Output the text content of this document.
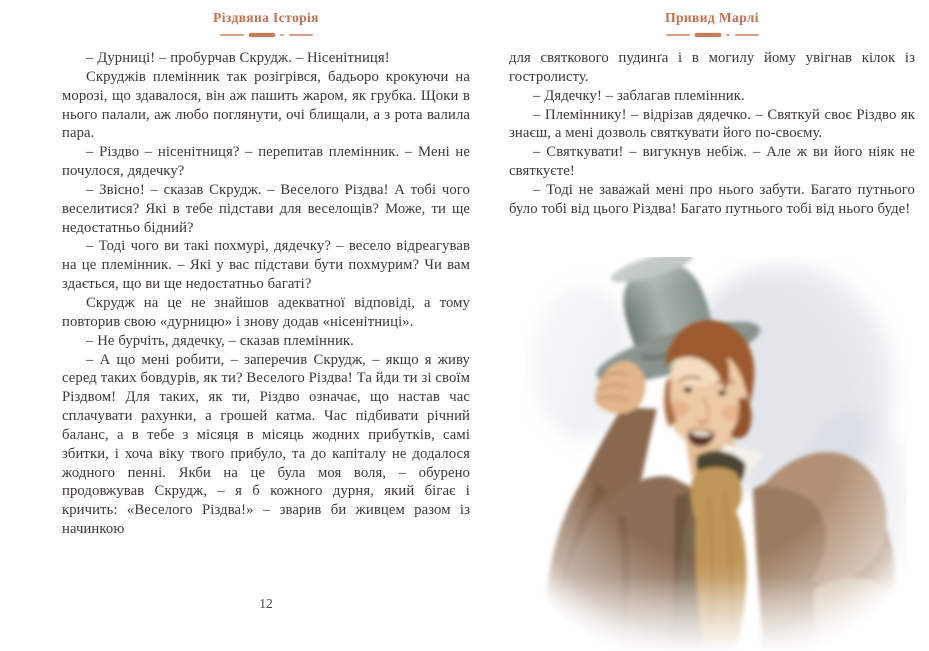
Різдвяна Історія

– Дурниці! – пробурчав Скрудж. – Нісенітниця!

Скруджів племінник так розігрівся, бадьоро крокуючи на морозі, що здавалося, він аж пашить жаром, як грубка. Щоки в нього палали, аж любо поглянути, очі блищали, а з рота валила пара.

– Різдво – нісенітниця? – перепитав племінник. – Мені не почулося, дядечку?

– Звісно! – сказав Скрудж. – Веселого Різдва! А тобі чого веселитися? Які в тебе підстави для веселощів? Може, ти ще недостатньо бідний?

– Тоді чого ви такі похмурі, дядечку? – весело відреагував на це племінник. – Які у вас підстави бути похмурим? Чи вам здається, що ви ще недостатньо багаті?

Скрудж на це не знайшов адекватної відповіді, а тому повторив свою «дурницю» і знову додав «нісенітниці».

– Не бурчіть, дядечку, – сказав племінник.

– А що мені робити, – заперечив Скрудж, – якщо я живу серед таких бовдурів, як ти? Веселого Різдва! Та йди ти зі своїм Різдвом! Для таких, як ти, Різдво означає, що настав час сплачувати рахунки, а грошей катма. Час підбивати річний баланс, а в тебе з місяця в місяць жодних прибутків, самі збитки, і хоча віку твого прибуло, та до капіталу не додалося жодного пенні. Якби на це була моя воля, – обурено продовжував Скрудж, – я б кожного дурня, який бігає і кричить: «Веселого Різдва!» – зварив би живцем разом із начинкою

12
Привид Марлі

для святкового пудинґа і в могилу йому увігнав кілок із гостролисту.

– Дядечку! – заблагав племінник.

– Племіннику! – відрізав дядечко. – Святкуй своє Різдво як знаєш, а мені дозволь святкувати його по-своєму.

– Святкувати! – вигукнув небіж. – Але ж ви його ніяк не святкуєте!

– Тоді не заважай мені про нього забути. Багато путнього було тобі від цього Різдва! Багато путнього тобі від нього буде!
